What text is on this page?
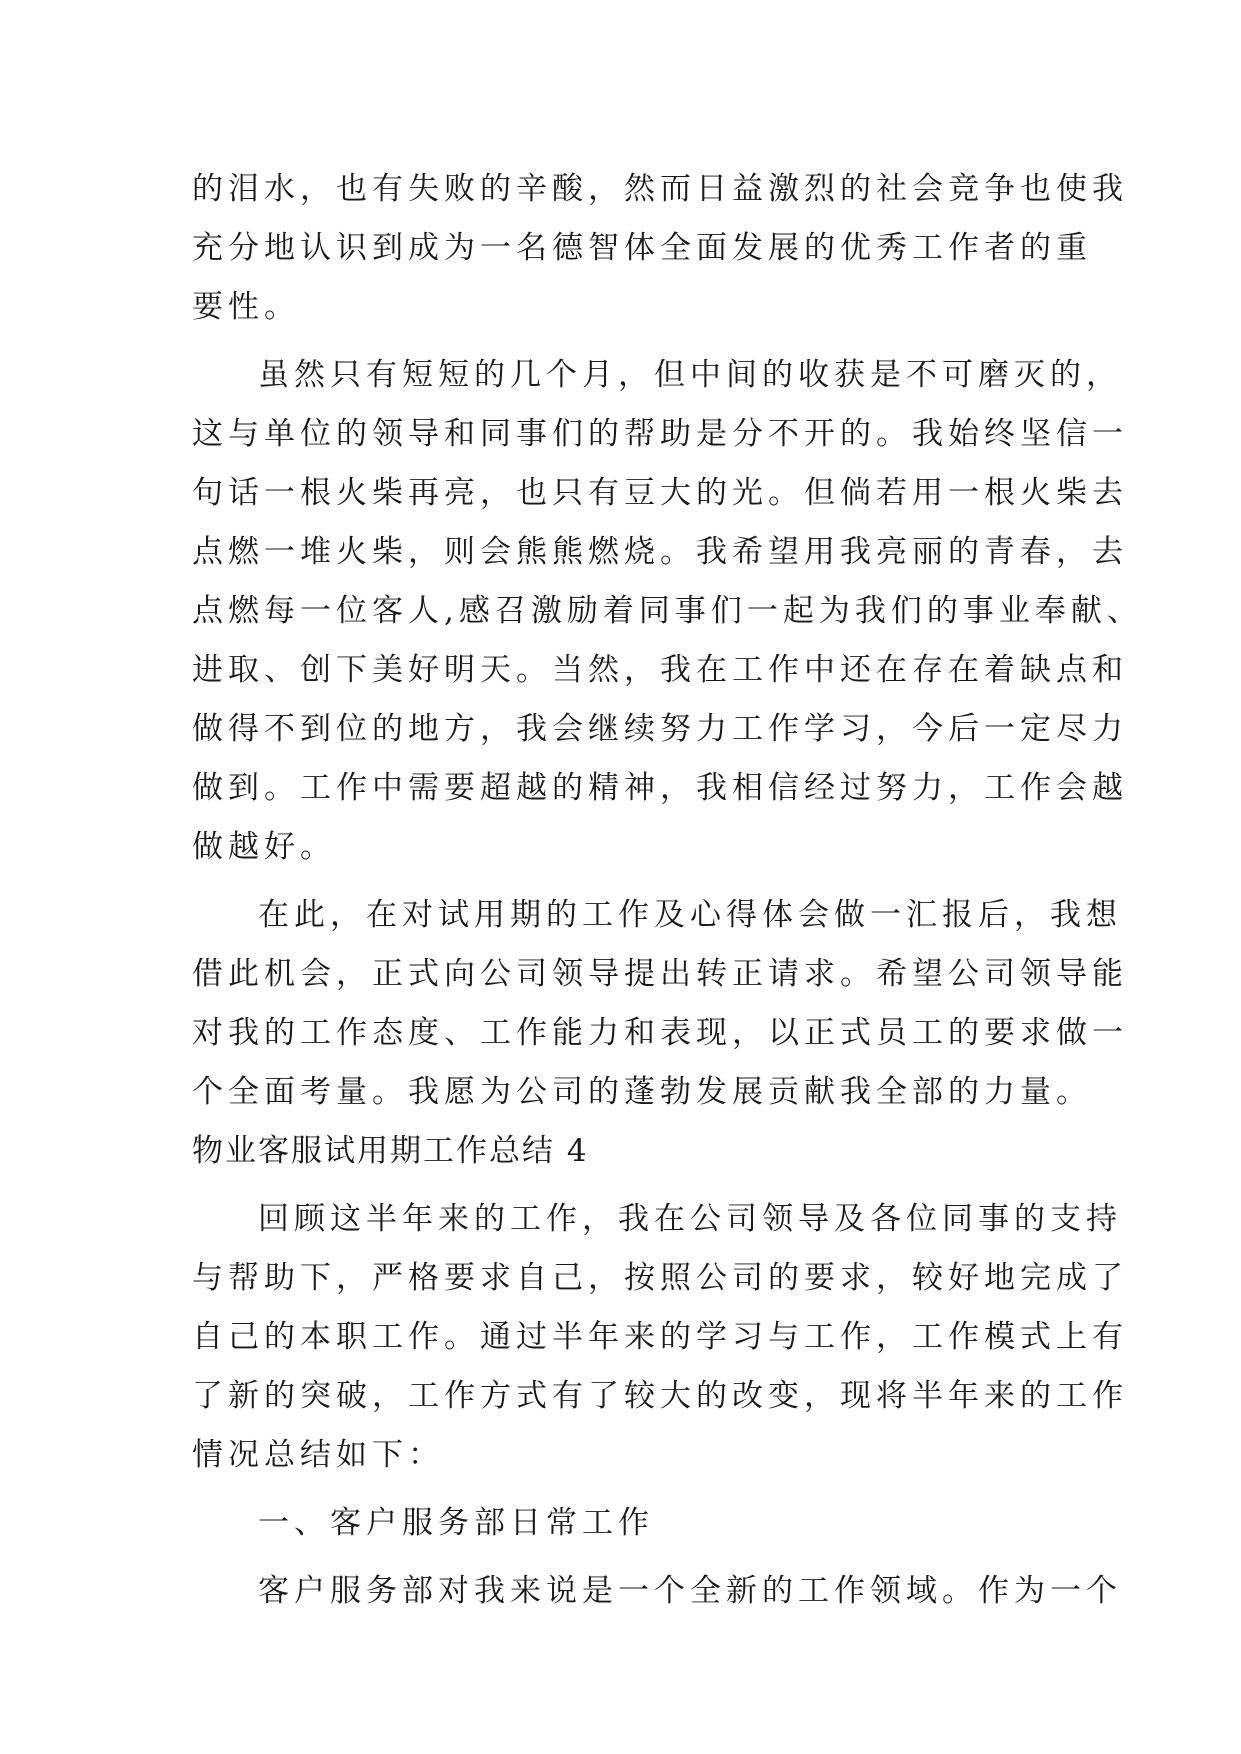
的泪水，也有失败的辛酸，然而日益激烈的社会竞争也使我
充分地认识到成为一名德智体全面发展的优秀工作者的重
要性。
虽然只有短短的几个月，但中间的收获是不可磨灭的，
这与单位的领导和同事们的帮助是分不开的。我始终坚信一
句话一根火柴再亮，也只有豆大的光。但倘若用一根火柴去
点燃一堆火柴，则会熊熊燃烧。我希望用我亮丽的青春，去
点燃每一位客人,感召激励着同事们一起为我们的事业奉献、
进取、创下美好明天。当然，我在工作中还在存在着缺点和
做得不到位的地方，我会继续努力工作学习，今后一定尽力
做到。工作中需要超越的精神，我相信经过努力，工作会越
做越好。
在此，在对试用期的工作及心得体会做一汇报后，我想
借此机会，正式向公司领导提出转正请求。希望公司领导能
对我的工作态度、工作能力和表现，以正式员工的要求做一
个全面考量。我愿为公司的蓬勃发展贡献我全部的力量。
物业客服试用期工作总结 4
回顾这半年来的工作，我在公司领导及各位同事的支持
与帮助下，严格要求自己，按照公司的要求，较好地完成了
自己的本职工作。通过半年来的学习与工作，工作模式上有
了新的突破，工作方式有了较大的改变，现将半年来的工作
情况总结如下：
一、客户服务部日常工作
客户服务部对我来说是一个全新的工作领域。作为一个
